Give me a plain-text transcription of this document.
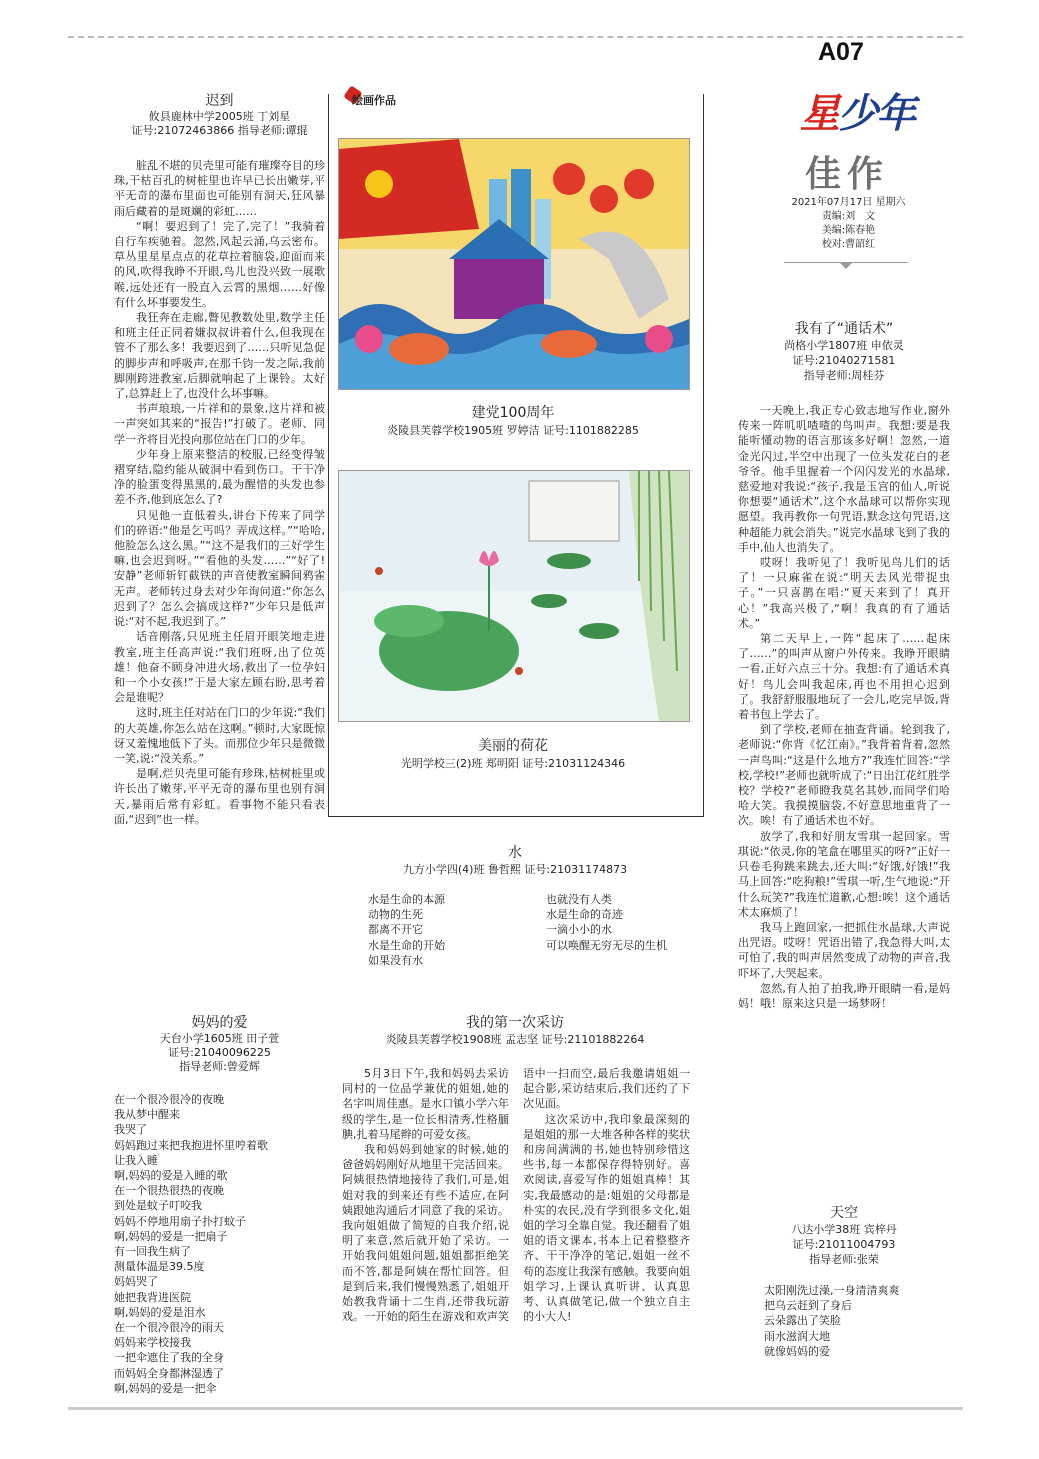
A07
星少年
佳作
2021年07月17日 星期六
责编:刘　文
美编:陈春艳
校对:曹韶红
迟到

攸县鹿林中学2005班 丁刘星

证号:21072463866 指导老师:谭琨

脏乱不堪的贝壳里可能有璀璨夺目的珍珠,干枯百孔的树桩里也许早已长出嫩芽,平平无奇的瀑布里面也可能别有洞天,狂风暴雨后藏着的是斑斓的彩虹……

“啊！要迟到了！完了,完了！”我骑着自行车疾驰着。忽然,风起云涌,乌云密布。草丛里星星点点的花草拉着脑袋,迎面而来的风,吹得我睁不开眼,鸟儿也没兴致一展歌喉,远处还有一股直入云霄的黑烟……好像有什么坏事要发生。

我狂奔在走廊,瞥见教数处里,数学主任和班主任正同着嫌叔叔讲着什么,但我现在管不了那么多！我要迟到了……只听见急促的脚步声和呼吸声,在那千钧一发之际,我前脚刚跨进教室,后脚就响起了上课铃。太好了,总算赶上了,也没什么坏事嘛。

书声琅琅,一片祥和的景象,这片祥和被一声突如其来的“报告!”打破了。老师、同学一齐将目光投向那位站在门口的少年。

少年身上原来整洁的校服,已经变得皱褶穿结,隐约能从破洞中看到伤口。干干净净的脸蛋变得黑黑的,最为醒惜的头发也参差不齐,他到底怎么了?

只见他一直低着头,讲台下传来了同学们的碎语:“他是乞丐吗？弄成这样。”“哈哈,他脸怎么这么黑。”“这不是我们的三好学生嘛,也会迟到呀。”“看他的头发……”“好了!安静”老师斩钉截铁的声音使教室瞬间鸦雀无声。老师转过身去对少年询问道:“你怎么迟到了？怎么会搞成这样?”少年只是低声说:“对不起,我迟到了。”

话音刚落,只见班主任眉开眼笑地走进教室,班主任高声说:“我们班呀,出了位英雄！他奋不顾身冲进火场,救出了一位孕妇和一个小女孩!”于是大家左顾右盼,思考着会是谁呢？

这时,班主任对站在门口的少年说:“我们的大英雄,你怎么站在这啊。”顿时,大家既惊讶又羞愧地低下了头。而那位少年只是微微一笑,说:“没关系。”

是啊,烂贝壳里可能有珍珠,枯树桩里或许长出了嫩芽,平平无奇的瀑布里也别有洞天,暴雨后常有彩虹。看事物不能只看表面,“迟到”也一样。

妈妈的爱

天台小学1605班 田子萱

证号:21040096225

指导老师:曾爱辉

在一个很冷很冷的夜晚
我从梦中醒来
我哭了
妈妈跑过来把我抱进怀里哼着歌
让我入睡
啊,妈妈的爱是入睡的歌
在一个很热很热的夜晚
到处是蚊子叮咬我
妈妈不停地用扇子扑打蚊子
啊,妈妈的爱是一把扇子
有一回我生病了
测量体温是39.5度
妈妈哭了
她把我背进医院
啊,妈妈的爱是泪水
在一个很冷很冷的雨天
妈妈来学校接我
一把伞遮住了我的全身
而妈妈全身都淋湿透了
啊,妈妈的爱是一把伞
绘画作品
建党100周年

炎陵县芙蓉学校1905班 罗婷洁 证号:1101882285

美丽的荷花

光明学校三(2)班 郑明阳 证号:21031124346

水

九方小学四(4)班 鲁哲熙 证号:21031174873

水是生命的本源
动物的生死
都离不开它
水是生命的开始
如果没有水
也就没有人类
水是生命的奇迹
一滴小小的水
可以唤醒无穷无尽的生机
我的第一次采访

炎陵县芙蓉学校1908班 孟志坚 证号:21101882264

5月3日下午,我和妈妈去采访同村的一位品学兼优的姐姐,她的名字叫周佳惠。是水口镇小学六年级的学生,是一位长相清秀,性格腼腆,扎着马尾辫的可爱女孩。

我和妈妈到她家的时候,她的爸爸妈妈刚好从地里干完活回来。阿姨很热情地接待了我们,可是,姐姐对我的到来还有些不适应,在阿姨跟她沟通后才同意了我的采访。我向姐姐做了简短的自我介绍,说明了来意,然后就开始了采访。一开始我问姐姐问题,姐姐都拒绝笑而不答,都是阿姨在帮忙回答。但是到后来,我们慢慢熟悉了,姐姐开始教我背诵十二生肖,还带我玩游戏。一开始的陌生在游戏和欢声笑语中一扫而空,最后我邀请姐姐一起合影,采访结束后,我们还约了下次见面。

这次采访中,我印象最深刻的是姐姐的那一大堆各种各样的奖状和房间满满的书,她也特别珍惜这些书,每一本都保存得特别好。喜欢阅读,喜爱写作的姐姐真棒！其实,我最感动的是:姐姐的父母都是朴实的农民,没有学到很多文化,姐姐的学习全靠自觉。我还翻看了姐姐的语文课本,书本上记着整整齐齐、干干净净的笔记,姐姐一丝不苟的态度让我深有感触。我要向姐姐学习,上课认真听讲、认真思考、认真做笔记,做一个独立自主的小大人!

我有了“通话术”

尚格小学1807班 申依灵

证号:21040271581

指导老师:周桂芬

一天晚上,我正专心致志地写作业,窗外传来一阵叽叽喳喳的鸟叫声。我想:要是我能听懂动物的语言那该多好啊！忽然,一道金光闪过,半空中出现了一位头发花白的老爷爷。他手里握着一个闪闪发光的水晶球,慈爱地对我说:“孩子,我是玉宫的仙人,听说你想要“通话术”,这个水晶球可以帮你实现愿望。我再教你一句咒语,默念这句咒语,这种超能力就会消失。”说完水晶球飞到了我的手中,仙人也消失了。

哎呀！我听见了！我听见鸟儿们的话了！一只麻雀在说:“明天去风光带捉虫子。”一只喜鹊在唱:“夏天来到了！真开心！”我高兴极了,“啊！我真的有了通话术。”

第二天早上,一阵“起床了……起床了……”的叫声从窗户外传来。我睁开眼睛一看,正好六点三十分。我想:有了通话术真好！鸟儿会叫我起床,再也不用担心迟到了。我舒舒服服地玩了一会儿,吃完早饭,背着书包上学去了。

到了学校,老师在抽查背诵。轮到我了,老师说:“你背《忆江南》。”我背着背着,忽然一声鸟叫:“这是什么地方?”我连忙回答:“学校,学校!”老师也就听成了:“日出江花红胜学校？学校?”老师瞪我莫名其妙,而同学们哈哈大笑。我摸摸脑袋,不好意思地重背了一次。唉！有了通话术也不好。

放学了,我和好朋友雪琪一起回家。雪琪说:“依灵,你的笔盒在哪里买的呀?”正好一只卷毛狗跳来跳去,还大叫:“好饿,好饿!”我马上回答:“吃狗粮!”雪琪一听,生气地说:“开什么玩笑?”我连忙道歉,心想:唉！这个通话术太麻烦了！

我马上跑回家,一把抓住水晶球,大声说出咒语。哎呀！咒语出错了,我急得大叫,太可怕了,我的叫声居然变成了动物的声音,我吓坏了,大哭起来。

忽然,有人拍了拍我,睁开眼睛一看,是妈妈！哦！原来这只是一场梦呀！

天空

八达小学38班 宾梓丹

证号:21011004793

指导老师:张荣

太阳刚洗过澡,一身清清爽爽
把乌云赶到了身后
云朵露出了笑脸
雨水滋润大地
就像妈妈的爱
